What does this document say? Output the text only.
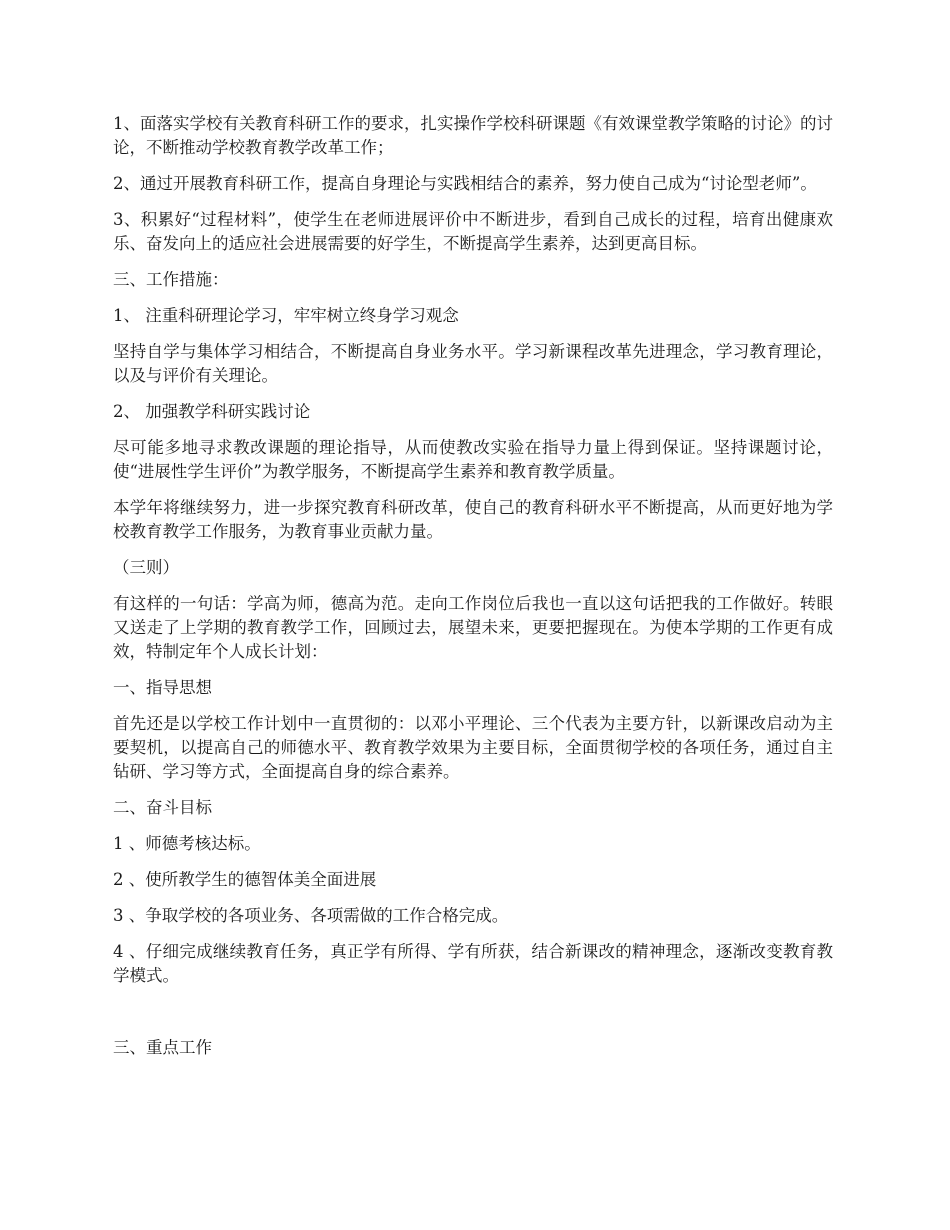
1、面落实学校有关教育科研工作的要求，扎实操作学校科研课题《有效课堂教学策略的讨论》的讨论，不断推动学校教育教学改革工作；

2、通过开展教育科研工作，提高自身理论与实践相结合的素养，努力使自己成为“讨论型老师”。

3、积累好“过程材料”，使学生在老师进展评价中不断进步，看到自己成长的过程，培育出健康欢乐、奋发向上的适应社会进展需要的好学生，不断提高学生素养，达到更高目标。

三、工作措施：

1、 注重科研理论学习，牢牢树立终身学习观念

坚持自学与集体学习相结合，不断提高自身业务水平。学习新课程改革先进理念，学习教育理论，以及与评价有关理论。

2、 加强教学科研实践讨论

尽可能多地寻求教改课题的理论指导，从而使教改实验在指导力量上得到保证。坚持课题讨论，使“进展性学生评价”为教学服务，不断提高学生素养和教育教学质量。

本学年将继续努力，进一步探究教育科研改革，使自己的教育科研水平不断提高，从而更好地为学校教育教学工作服务，为教育事业贡献力量。

（三则）

有这样的一句话：学高为师，德高为范。走向工作岗位后我也一直以这句话把我的工作做好。转眼又送走了上学期的教育教学工作，回顾过去，展望未来，更要把握现在。为使本学期的工作更有成效，特制定年个人成长计划：

一、指导思想

首先还是以学校工作计划中一直贯彻的：以邓小平理论、三个代表为主要方针，以新课改启动为主要契机，以提高自己的师德水平、教育教学效果为主要目标，全面贯彻学校的各项任务，通过自主钻研、学习等方式，全面提高自身的综合素养。

二、奋斗目标

1 、师德考核达标。

2 、使所教学生的德智体美全面进展

3 、争取学校的各项业务、各项需做的工作合格完成。

4 、仔细完成继续教育任务，真正学有所得、学有所获，结合新课改的精神理念，逐渐改变教育教学模式。

三、重点工作
